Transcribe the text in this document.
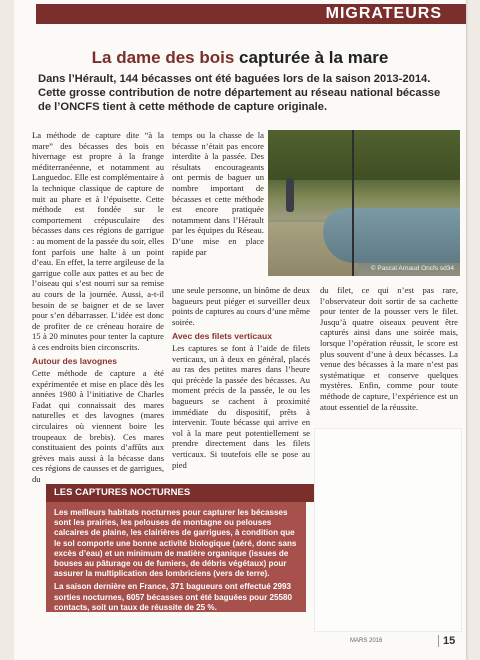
MIGRATEURS
La dame des bois capturée à la mare
Dans l’Hérault, 144 bécasses ont été baguées lors de la saison 2013-2014. Cette grosse contribution de notre département au réseau national bécasse de l’ONCFS tient à cette méthode de capture originale.

La méthode de capture dite “à la mare” des bécasses des bois en hivernage est propre à la frange méditerranéenne, et notamment au Languedoc. Elle est complémentaire à la technique classique de capture de nuit au phare et à l’épuisette. Cette méthode est fondée sur le comportement crépusculaire des bécasses dans ces régions de garrigue : au moment de la passée du soir, elles font parfois une halte à un point d’eau. En effet, la terre argileuse de la garrigue colle aux pattes et au bec de l’oiseau qui s’est nourri sur sa remise au cours de la journée. Aussi, a-t-il besoin de se baigner et de se laver pour s’en débarrasser. L’idée est donc de profiter de ce créneau horaire de 15 à 20 minutes pour tenter la capture à ces endroits bien circonscrits.

Autour des lavognes

Cette méthode de capture a été expérimentée et mise en place dès les années 1980 à l’initiative de Charles Fadat qui connaissait des mares naturelles et des lavognes (mares circulaires où viennent boire les troupeaux de brebis). Ces mares constituaient des points d’affûts aux grèves mais aussi à la bécasse dans ces régions de causses et de garrigues, du

temps ou la chasse de la bécasse n’était pas encore interdite à la passée. Des résultats encourageants ont permis de baguer un nombre important de bécasses et cette méthode est encore pratiquée notamment dans l’Hérault par les équipes du Réseau. D’une mise en place rapide par

© Pascal Arnaud Oncfs sd34

une seule personne, un binôme de deux bagueurs peut piéger et surveiller deux points de captures au cours d’une même soirée.

Avec des filets verticaux

Les captures se font à l’aide de filets verticaux, un à deux en général, placés au ras des petites mares dans l’heure qui précède la passée des bécasses. Au moment précis de la passée, le ou les bagueurs se cachent à proximité immédiate du dispositif, prêts à intervenir. Toute bécasse qui arrive en vol à la mare peut potentiellement se prendre directement dans les filets verticaux. Si toutefois elle se pose au pied

du filet, ce qui n’est pas rare, l’observateur doit sortir de sa cachette pour tenter de la pousser vers le filet. Jusqu’à quatre oiseaux peuvent être capturés ainsi dans une soirée mais, lorsque l’opération réussit, le score est plus souvent d’une à deux bécasses. La venue des bécasses à la mare n’est pas systématique et conserve quelques mystères. Enfin, comme pour toute méthode de capture, l’expérience est un atout essentiel de la réussite.

LES CAPTURES NOCTURNES

Les meilleurs habitats nocturnes pour capturer les bécasses sont les prairies, les pelouses de montagne ou pelouses calcaires de plaine, les clairières de garrigues, à condition que le sol comporte une bonne activité biologique (aéré, donc sans excès d’eau) et un minimum de matière organique (issues de bouses au pâturage ou de fumiers, de débris végétaux) pour assurer la multiplication des lombriciens (vers de terre).

La saison dernière en France, 371 bagueurs ont effectué 2993 sorties nocturnes, 6057 bécasses ont été baguées pour 25580 contacts, soit un taux de réussite de 25 %.

MARS 2016	15
